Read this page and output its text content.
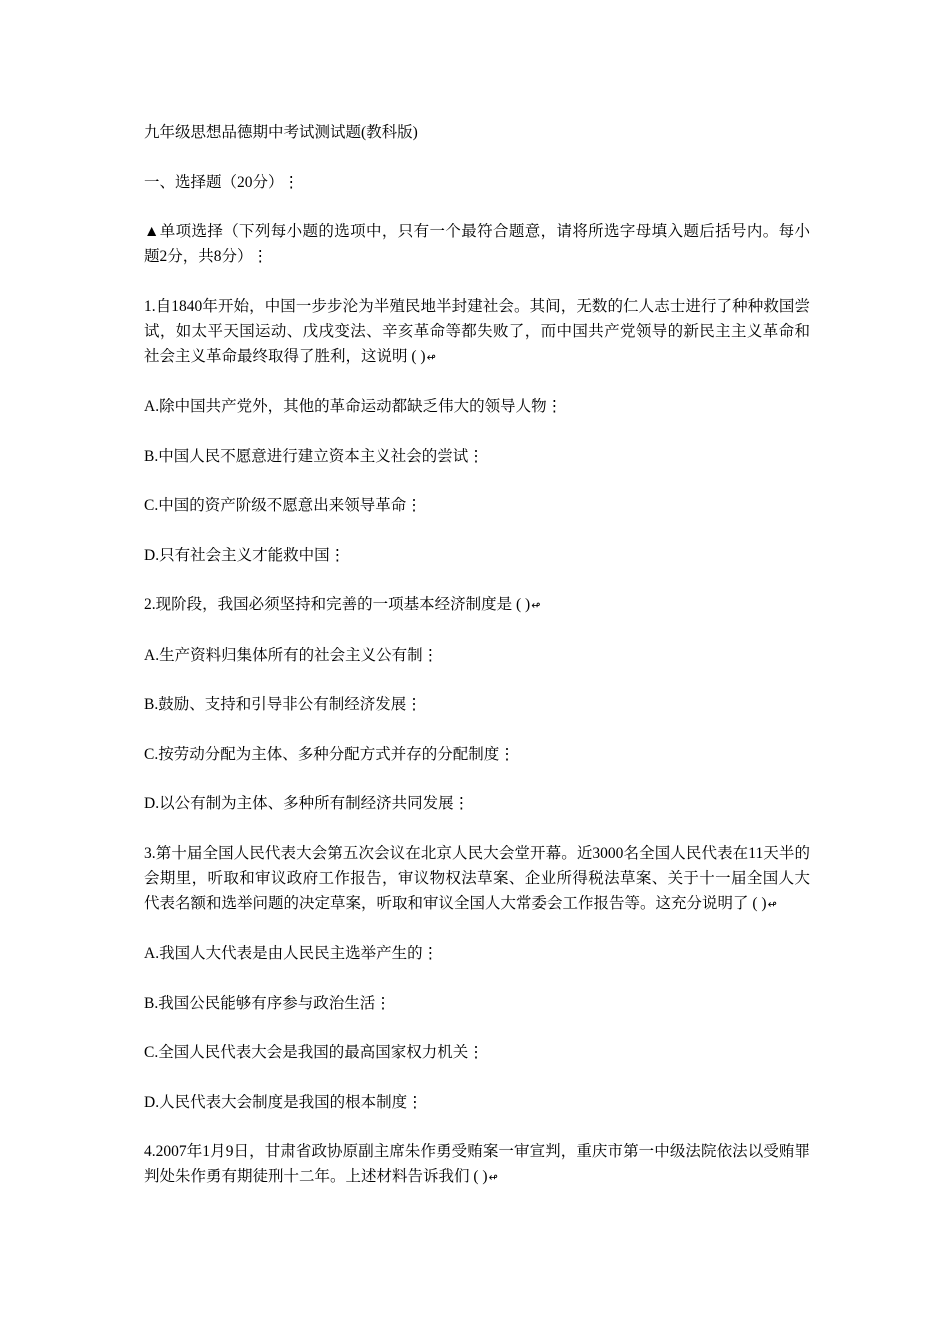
九年级思想品德期中考试测试题(教科版)

一、选择题（20分）⋮

▲单项选择（下列每小题的选项中，只有一个最符合题意，请将所选字母填入题后括号内。每小题2分，共8分）⋮

1.自1840年开始，中国一步步沦为半殖民地半封建社会。其间，无数的仁人志士进行了种种救国尝试，如太平天国运动、戊戌变法、辛亥革命等都失败了，而中国共产党领导的新民主主义革命和社会主义革命最终取得了胜利，这说明 ( )↫

A.除中国共产党外，其他的革命运动都缺乏伟大的领导人物⋮

B.中国人民不愿意进行建立资本主义社会的尝试⋮

C.中国的资产阶级不愿意出来领导革命⋮

D.只有社会主义才能救中国⋮

2.现阶段，我国必须坚持和完善的一项基本经济制度是 ( )↫

A.生产资料归集体所有的社会主义公有制⋮

B.鼓励、支持和引导非公有制经济发展⋮

C.按劳动分配为主体、多种分配方式并存的分配制度⋮

D.以公有制为主体、多种所有制经济共同发展⋮

3.第十届全国人民代表大会第五次会议在北京人民大会堂开幕。近3000名全国人民代表在11天半的会期里，听取和审议政府工作报告，审议物权法草案、企业所得税法草案、关于十一届全国人大代表名额和选举问题的决定草案，听取和审议全国人大常委会工作报告等。这充分说明了 ( )↫

A.我国人大代表是由人民民主选举产生的⋮

B.我国公民能够有序参与政治生活⋮

C.全国人民代表大会是我国的最高国家权力机关⋮

D.人民代表大会制度是我国的根本制度⋮

4.2007年1月9日，甘肃省政协原副主席朱作勇受贿案一审宣判，重庆市第一中级法院依法以受贿罪判处朱作勇有期徒刑十二年。上述材料告诉我们 ( )↫
